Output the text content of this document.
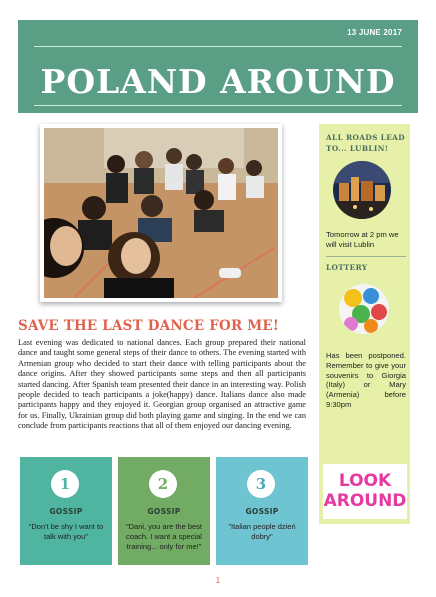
13 JUNE 2017
POLAND AROUND
SAVE THE LAST DANCE FOR ME!
Last evening was dedicated to national dances. Each group prepared their national dance and taught some general steps of their dance to others. The evening started with Armenian group who decided to start their dance with telling participants about the dance origins. After they showed participants some steps and then all participants started dancing. After Spanish team presented their dance in an interesting way. Polish people decided to teach participants a joke(happy) dance. Italians dance also made participants happy and they enjoyed it. Georgian group organised an attractive game for us. Finally, Ukrainian group did both playing game and singing. In the end we can conclude from participants reactions that all of them enjoyed our dancing evening.
ALL ROADS LEAD TO... LUBLIN!
Tomorrow at 2 pm we will visit Lublin
LOTTERY
Has been postponed. Remember to give your souvenirs to Giorgia (Italy) or Mary (Armenia) before 9:30pm
LOOK
AROUND
1
GOSSIP
"Don't be shy I want to talk with you"
2
GOSSIP
"Dani, you are the best coach. I want a special training... only for me!"
3
GOSSIP
"Italian people dzień dobry"
1
